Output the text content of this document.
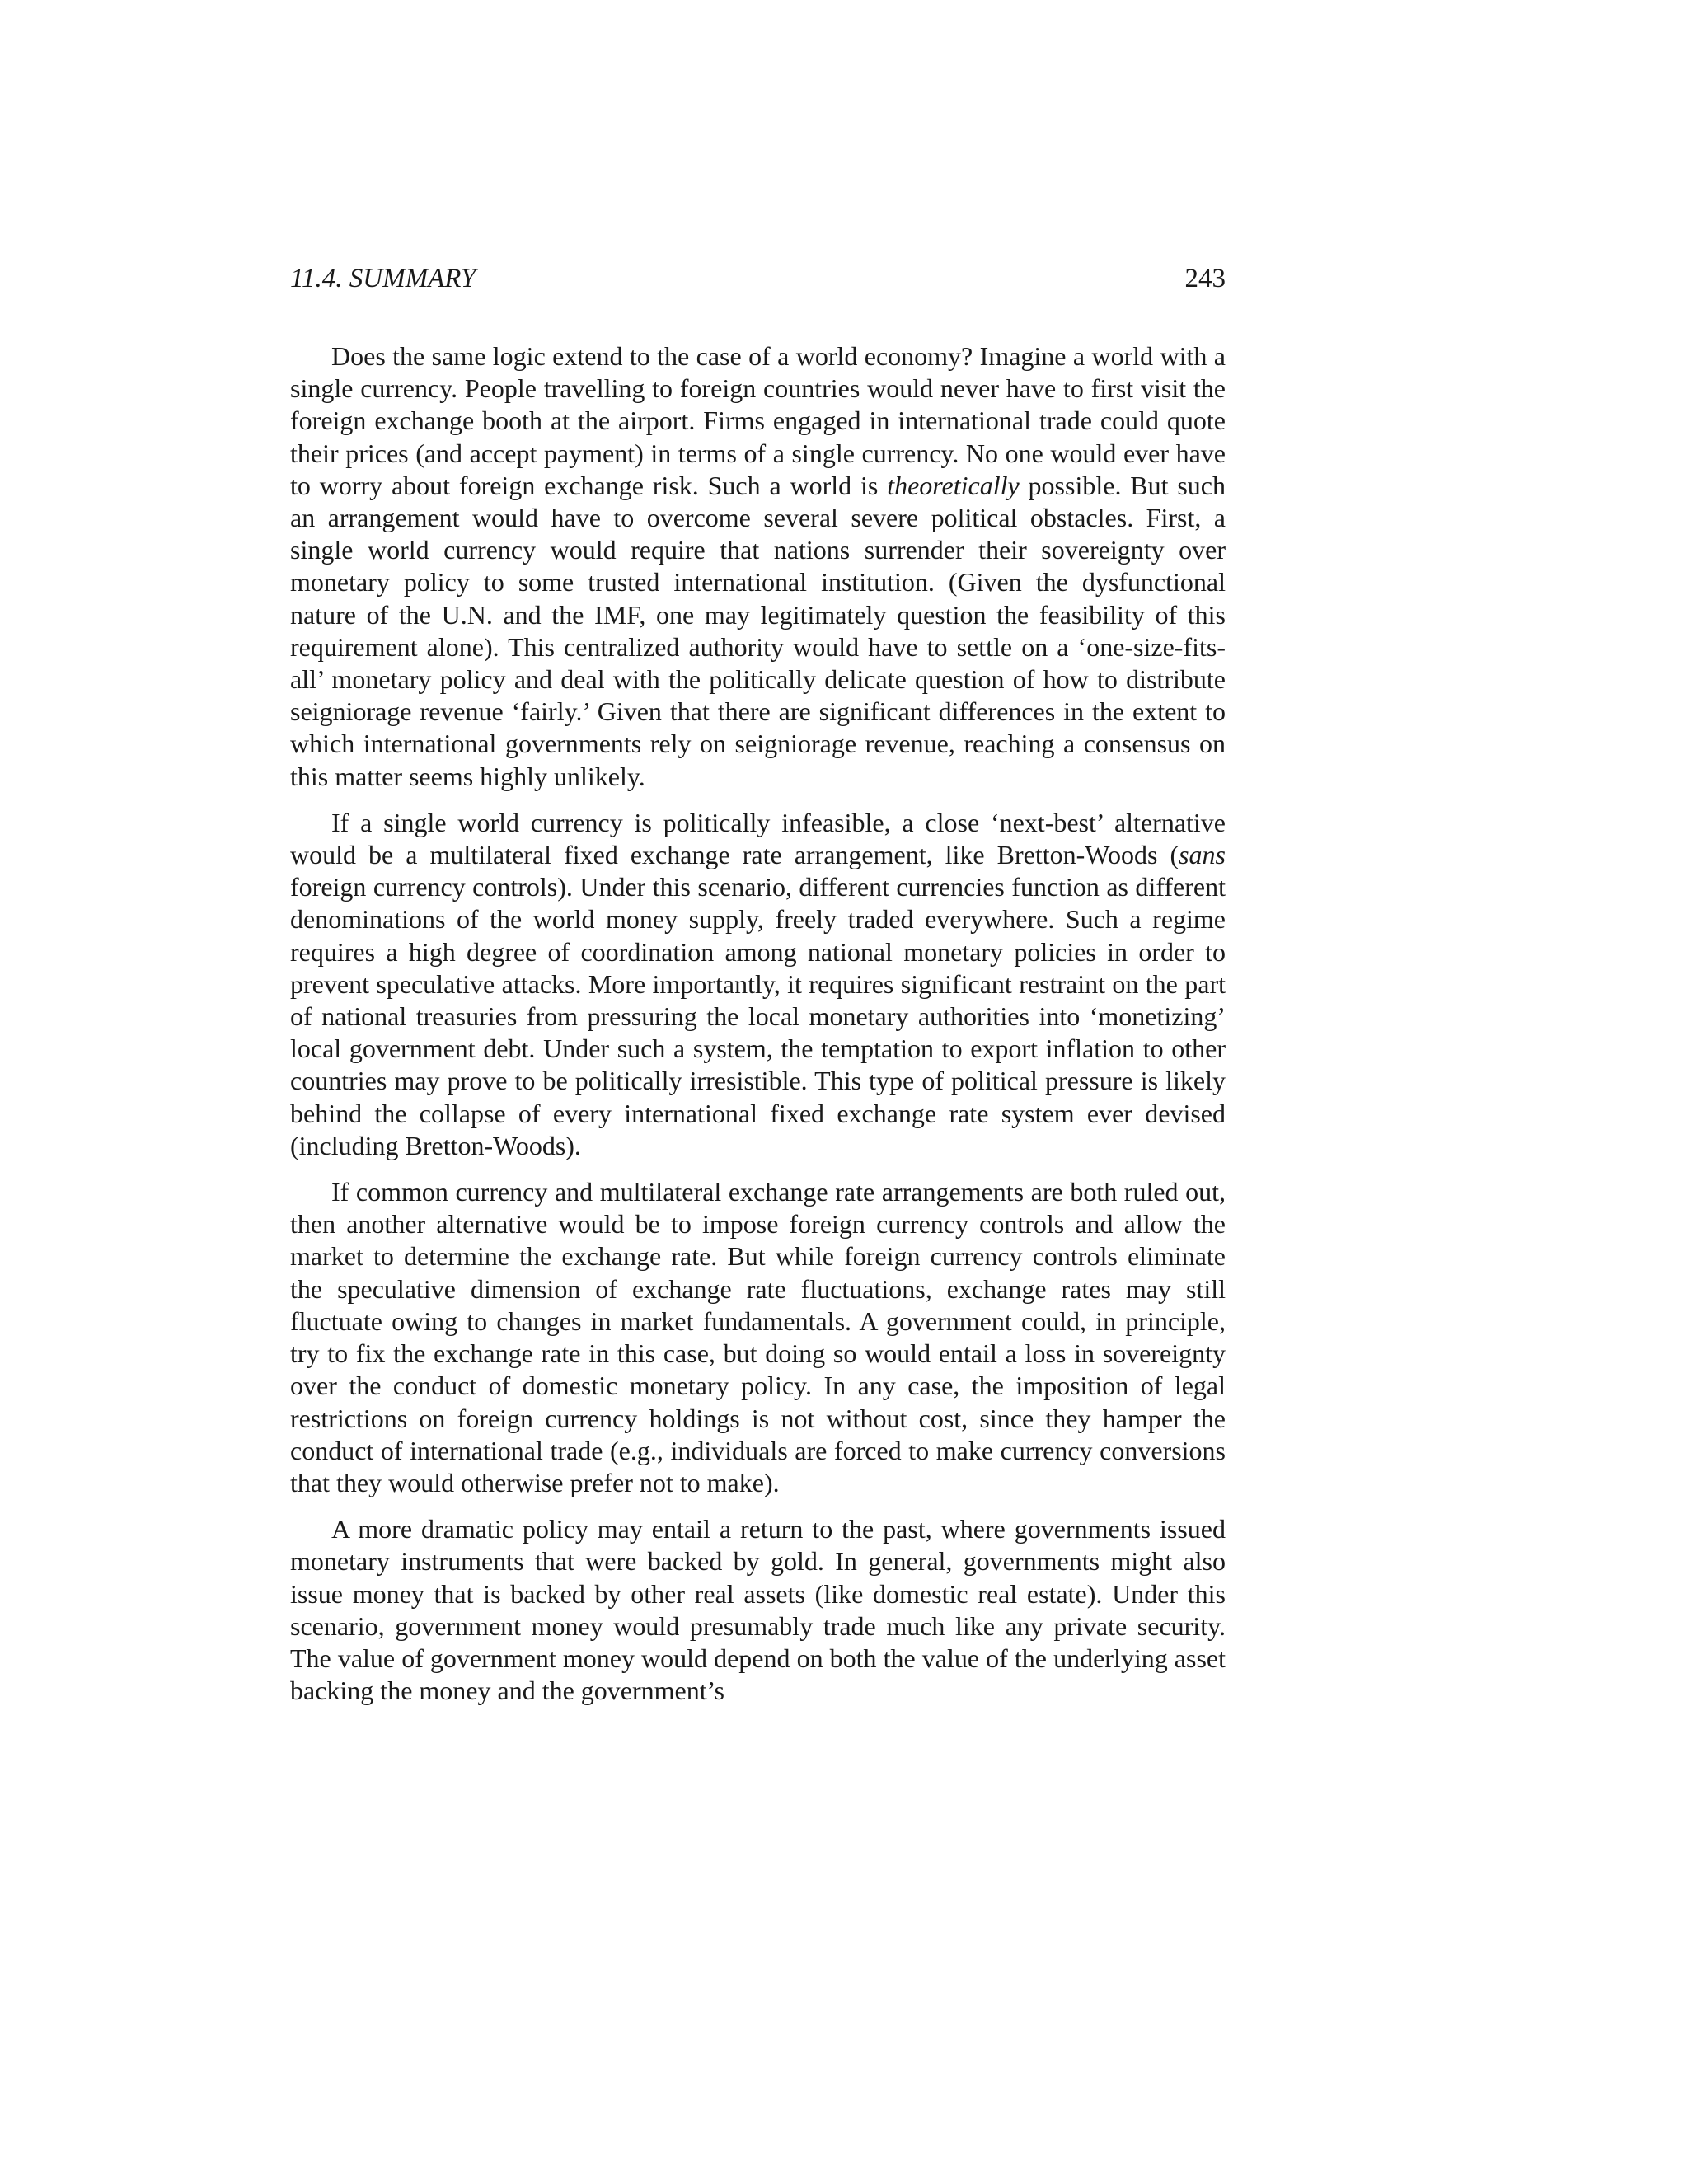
11.4. SUMMARY	243

Does the same logic extend to the case of a world economy? Imagine a world with a single currency. People travelling to foreign countries would never have to first visit the foreign exchange booth at the airport. Firms engaged in international trade could quote their prices (and accept payment) in terms of a single currency. No one would ever have to worry about foreign exchange risk. Such a world is theoretically possible. But such an arrangement would have to overcome several severe political obstacles. First, a single world currency would require that nations surrender their sovereignty over monetary policy to some trusted international institution. (Given the dysfunctional nature of the U.N. and the IMF, one may legitimately question the feasibility of this requirement alone). This centralized authority would have to settle on a ‘one-size-fits-all’ monetary policy and deal with the politically delicate question of how to distribute seigniorage revenue ‘fairly.’ Given that there are significant differences in the extent to which international governments rely on seigniorage revenue, reaching a consensus on this matter seems highly unlikely.

If a single world currency is politically infeasible, a close ‘next-best’ alternative would be a multilateral fixed exchange rate arrangement, like Bretton-Woods (sans foreign currency controls). Under this scenario, different currencies function as different denominations of the world money supply, freely traded everywhere. Such a regime requires a high degree of coordination among national monetary policies in order to prevent speculative attacks. More importantly, it requires significant restraint on the part of national treasuries from pressuring the local monetary authorities into ‘monetizing’ local government debt. Under such a system, the temptation to export inflation to other countries may prove to be politically irresistible. This type of political pressure is likely behind the collapse of every international fixed exchange rate system ever devised (including Bretton-Woods).

If common currency and multilateral exchange rate arrangements are both ruled out, then another alternative would be to impose foreign currency controls and allow the market to determine the exchange rate. But while foreign currency controls eliminate the speculative dimension of exchange rate fluctuations, exchange rates may still fluctuate owing to changes in market fundamentals. A government could, in principle, try to fix the exchange rate in this case, but doing so would entail a loss in sovereignty over the conduct of domestic monetary policy. In any case, the imposition of legal restrictions on foreign currency holdings is not without cost, since they hamper the conduct of international trade (e.g., individuals are forced to make currency conversions that they would otherwise prefer not to make).

A more dramatic policy may entail a return to the past, where governments issued monetary instruments that were backed by gold. In general, governments might also issue money that is backed by other real assets (like domestic real estate). Under this scenario, government money would presumably trade much like any private security. The value of government money would depend on both the value of the underlying asset backing the money and the government’s
